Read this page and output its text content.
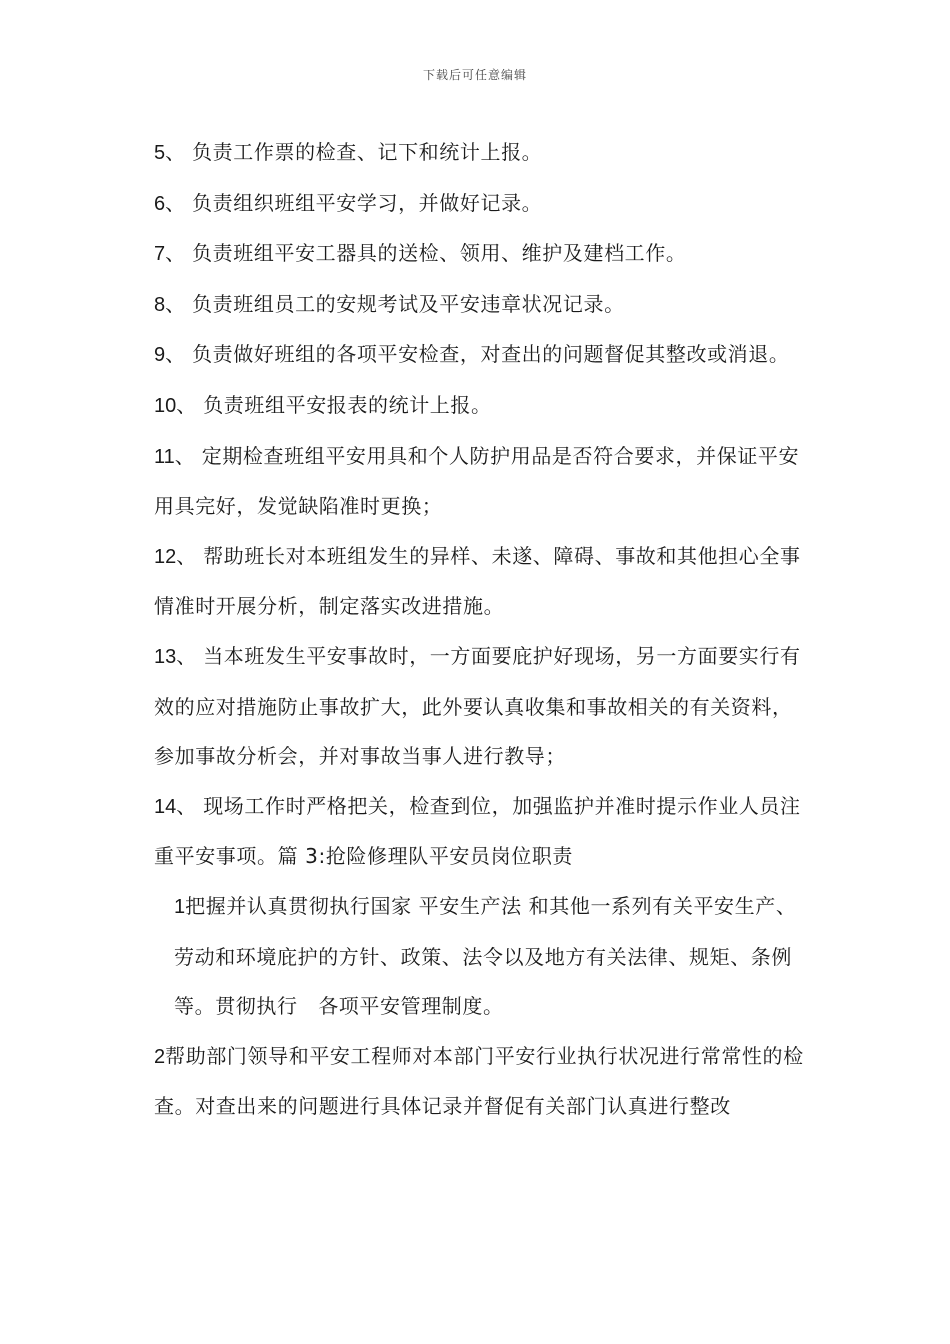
下载后可任意编辑

5、 负责工作票的检查、记下和统计上报。

6、 负责组织班组平安学习，并做好记录。

7、 负责班组平安工器具的送检、领用、维护及建档工作。

8、 负责班组员工的安规考试及平安违章状况记录。

9、 负责做好班组的各项平安检查，对查出的问题督促其整改或消退。

10、 负责班组平安报表的统计上报。

11、 定期检查班组平安用具和个人防护用品是否符合要求，并保证平安用具完好，发觉缺陷准时更换；

12、 帮助班长对本班组发生的异样、未遂、障碍、事故和其他担心全事情准时开展分析，制定落实改进措施。

13、 当本班发生平安事故时，一方面要庇护好现场，另一方面要实行有效的应对措施防止事故扩大，此外要认真收集和事故相关的有关资料，参加事故分析会，并对事故当事人进行教导；

14、 现场工作时严格把关，检查到位，加强监护并准时提示作业人员注重平安事项。篇 3:抢险修理队平安员岗位职责

1把握并认真贯彻执行国家 平安生产法 和其他一系列有关平安生产、劳动和环境庇护的方针、政策、法令以及地方有关法律、规矩、条例等。贯彻执行　各项平安管理制度。

2帮助部门领导和平安工程师对本部门平安行业执行状况进行常常性的检查。对查出来的问题进行具体记录并督促有关部门认真进行整改
